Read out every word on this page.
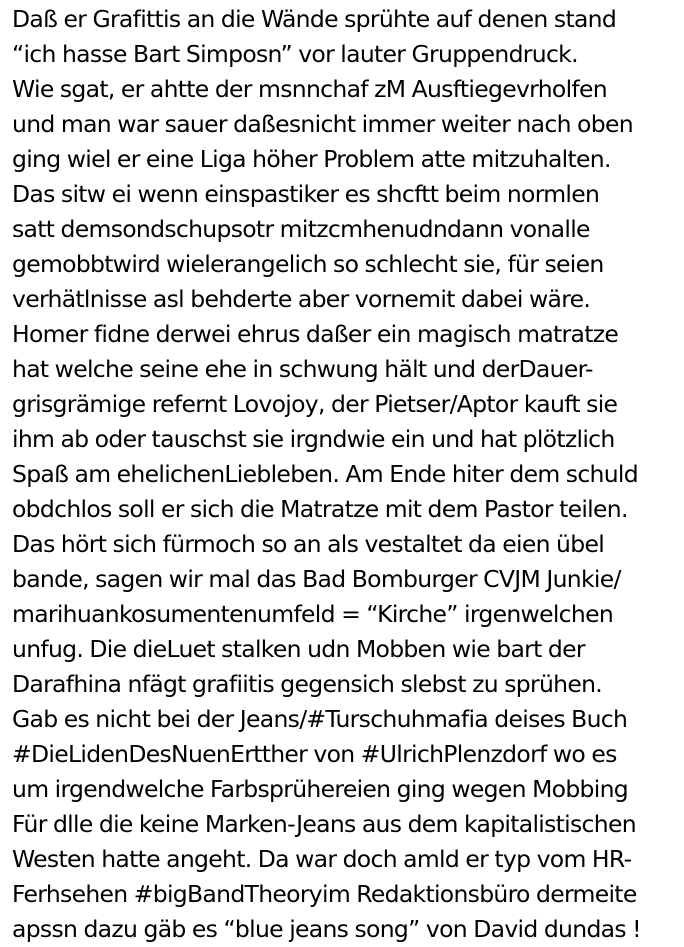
Daß er Grafittis an die Wände sprühte auf denen stand
“ich hasse Bart Simposn” vor lauter Gruppendruck.
Wie sgat, er ahtte der msnnchaf zM Ausftiegevrholfen
und man war sauer daßesnicht immer weiter nach oben
ging wiel er eine Liga höher Problem atte mitzuhalten.
Das sitw ei wenn einspastiker es shcftt beim normlen
satt demsondschupsotr mitzcmhenudndann vonalle
gemobbtwird wielerangelich so schlecht sie, für seien
verhätlnisse asl behderte aber vornemit dabei wäre.
Homer fidne derwei ehrus daßer ein magisch matratze
hat welche seine ehe in schwung hält und derDauer-
grisgrämige refernt Lovojoy, der Pietser/Aptor kauft sie
ihm ab oder tauschst sie irgndwie ein und hat plötzlich
Spaß am ehelichenLiebleben. Am Ende hiter dem schuld
obdchlos soll er sich die Matratze mit dem Pastor teilen.
Das hört sich fürmoch so an als vestaltet da eien übel
bande, sagen wir mal das Bad Bomburger CVJM Junkie/
marihuankosumentenumfeld = “Kirche” irgenwelchen
unfug. Die dieLuet stalken udn Mobben wie bart der
Darafhina nfägt grafiitis gegensich slebst zu sprühen.
Gab es nicht bei der Jeans/#Turschuhmafia deises Buch
#DieLidenDesNuenErtther von #UlrichPlenzdorf wo es
um irgendwelche Farbsprühereien ging wegen Mobbing
Für dlle die keine Marken-Jeans aus dem kapitalistischen
Westen hatte angeht. Da war doch amld er typ vom HR-
Ferhsehen #bigBandTheoryim Redaktionsbüro dermeite
apssn dazu gäb es “blue jeans song” von David dundas !
